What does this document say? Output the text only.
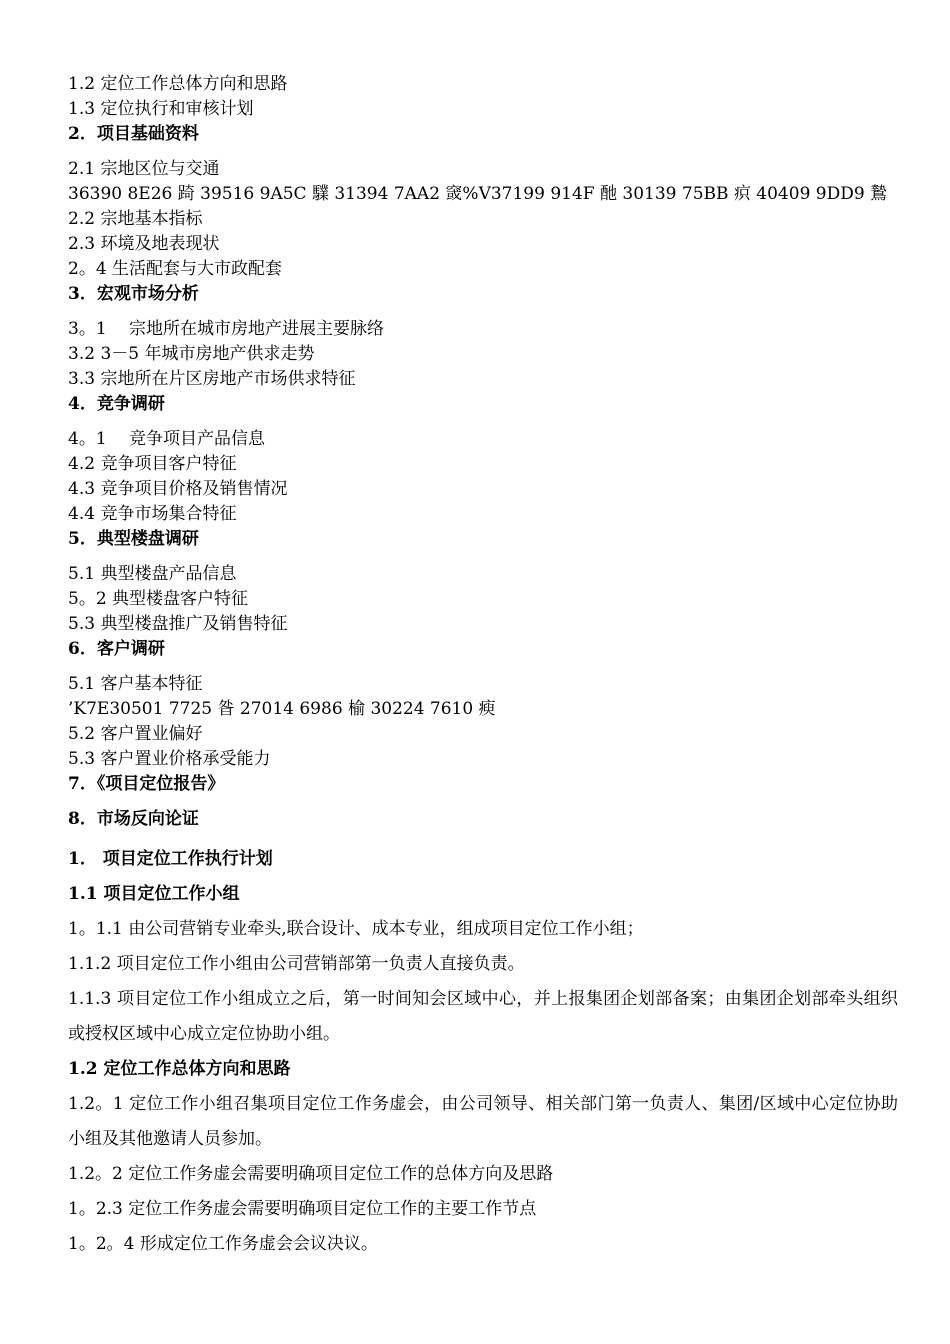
1.2 定位工作总体方向和思路
1.3 定位执行和审核计划
2．项目基础资料
2.1 宗地区位与交通
36390 8E26 踦 39516 9A5C 驜 31394 7AA2 窢%V37199 914F 酏 30139 75BB 疻 40409 9DD9 鷙
2.2 宗地基本指标
2.3 环境及地表现状
2。4 生活配套与大市政配套
3．宏观市场分析
3。1　 宗地所在城市房地产进展主要脉络
3.2 3－5 年城市房地产供求走势
3.3 宗地所在片区房地产市场供求特征
4．竞争调研
4。1　 竞争项目产品信息
4.2 竞争项目客户特征
4.3 竞争项目价格及销售情况
4.4 竞争市场集合特征
5．典型楼盘调研
5.1 典型楼盘产品信息
5。2 典型楼盘客户特征
5.3 典型楼盘推广及销售特征
6．客户调研
5.1 客户基本特征
’K7E30501 7725 昝 27014 6986 榆 30224 7610 瘐
5.2 客户置业偏好
5.3 客户置业价格承受能力
7．《项目定位报告》
8．市场反向论证
1． 项目定位工作执行计划
1.1 项目定位工作小组
1。1.1 由公司营销专业牵头,联合设计、成本专业，组成项目定位工作小组；
1.1.2 项目定位工作小组由公司营销部第一负责人直接负责。
1.1.3 项目定位工作小组成立之后，第一时间知会区域中心，并上报集团企划部备案；由集团企划部牵头组织或授权区域中心成立定位协助小组。
1.2 定位工作总体方向和思路
1.2。1 定位工作小组召集项目定位工作务虚会，由公司领导、相关部门第一负责人、集团/区域中心定位协助小组及其他邀请人员参加。
1.2。2 定位工作务虚会需要明确项目定位工作的总体方向及思路
1。2.3 定位工作务虚会需要明确项目定位工作的主要工作节点
1。2。4 形成定位工作务虚会会议决议。
